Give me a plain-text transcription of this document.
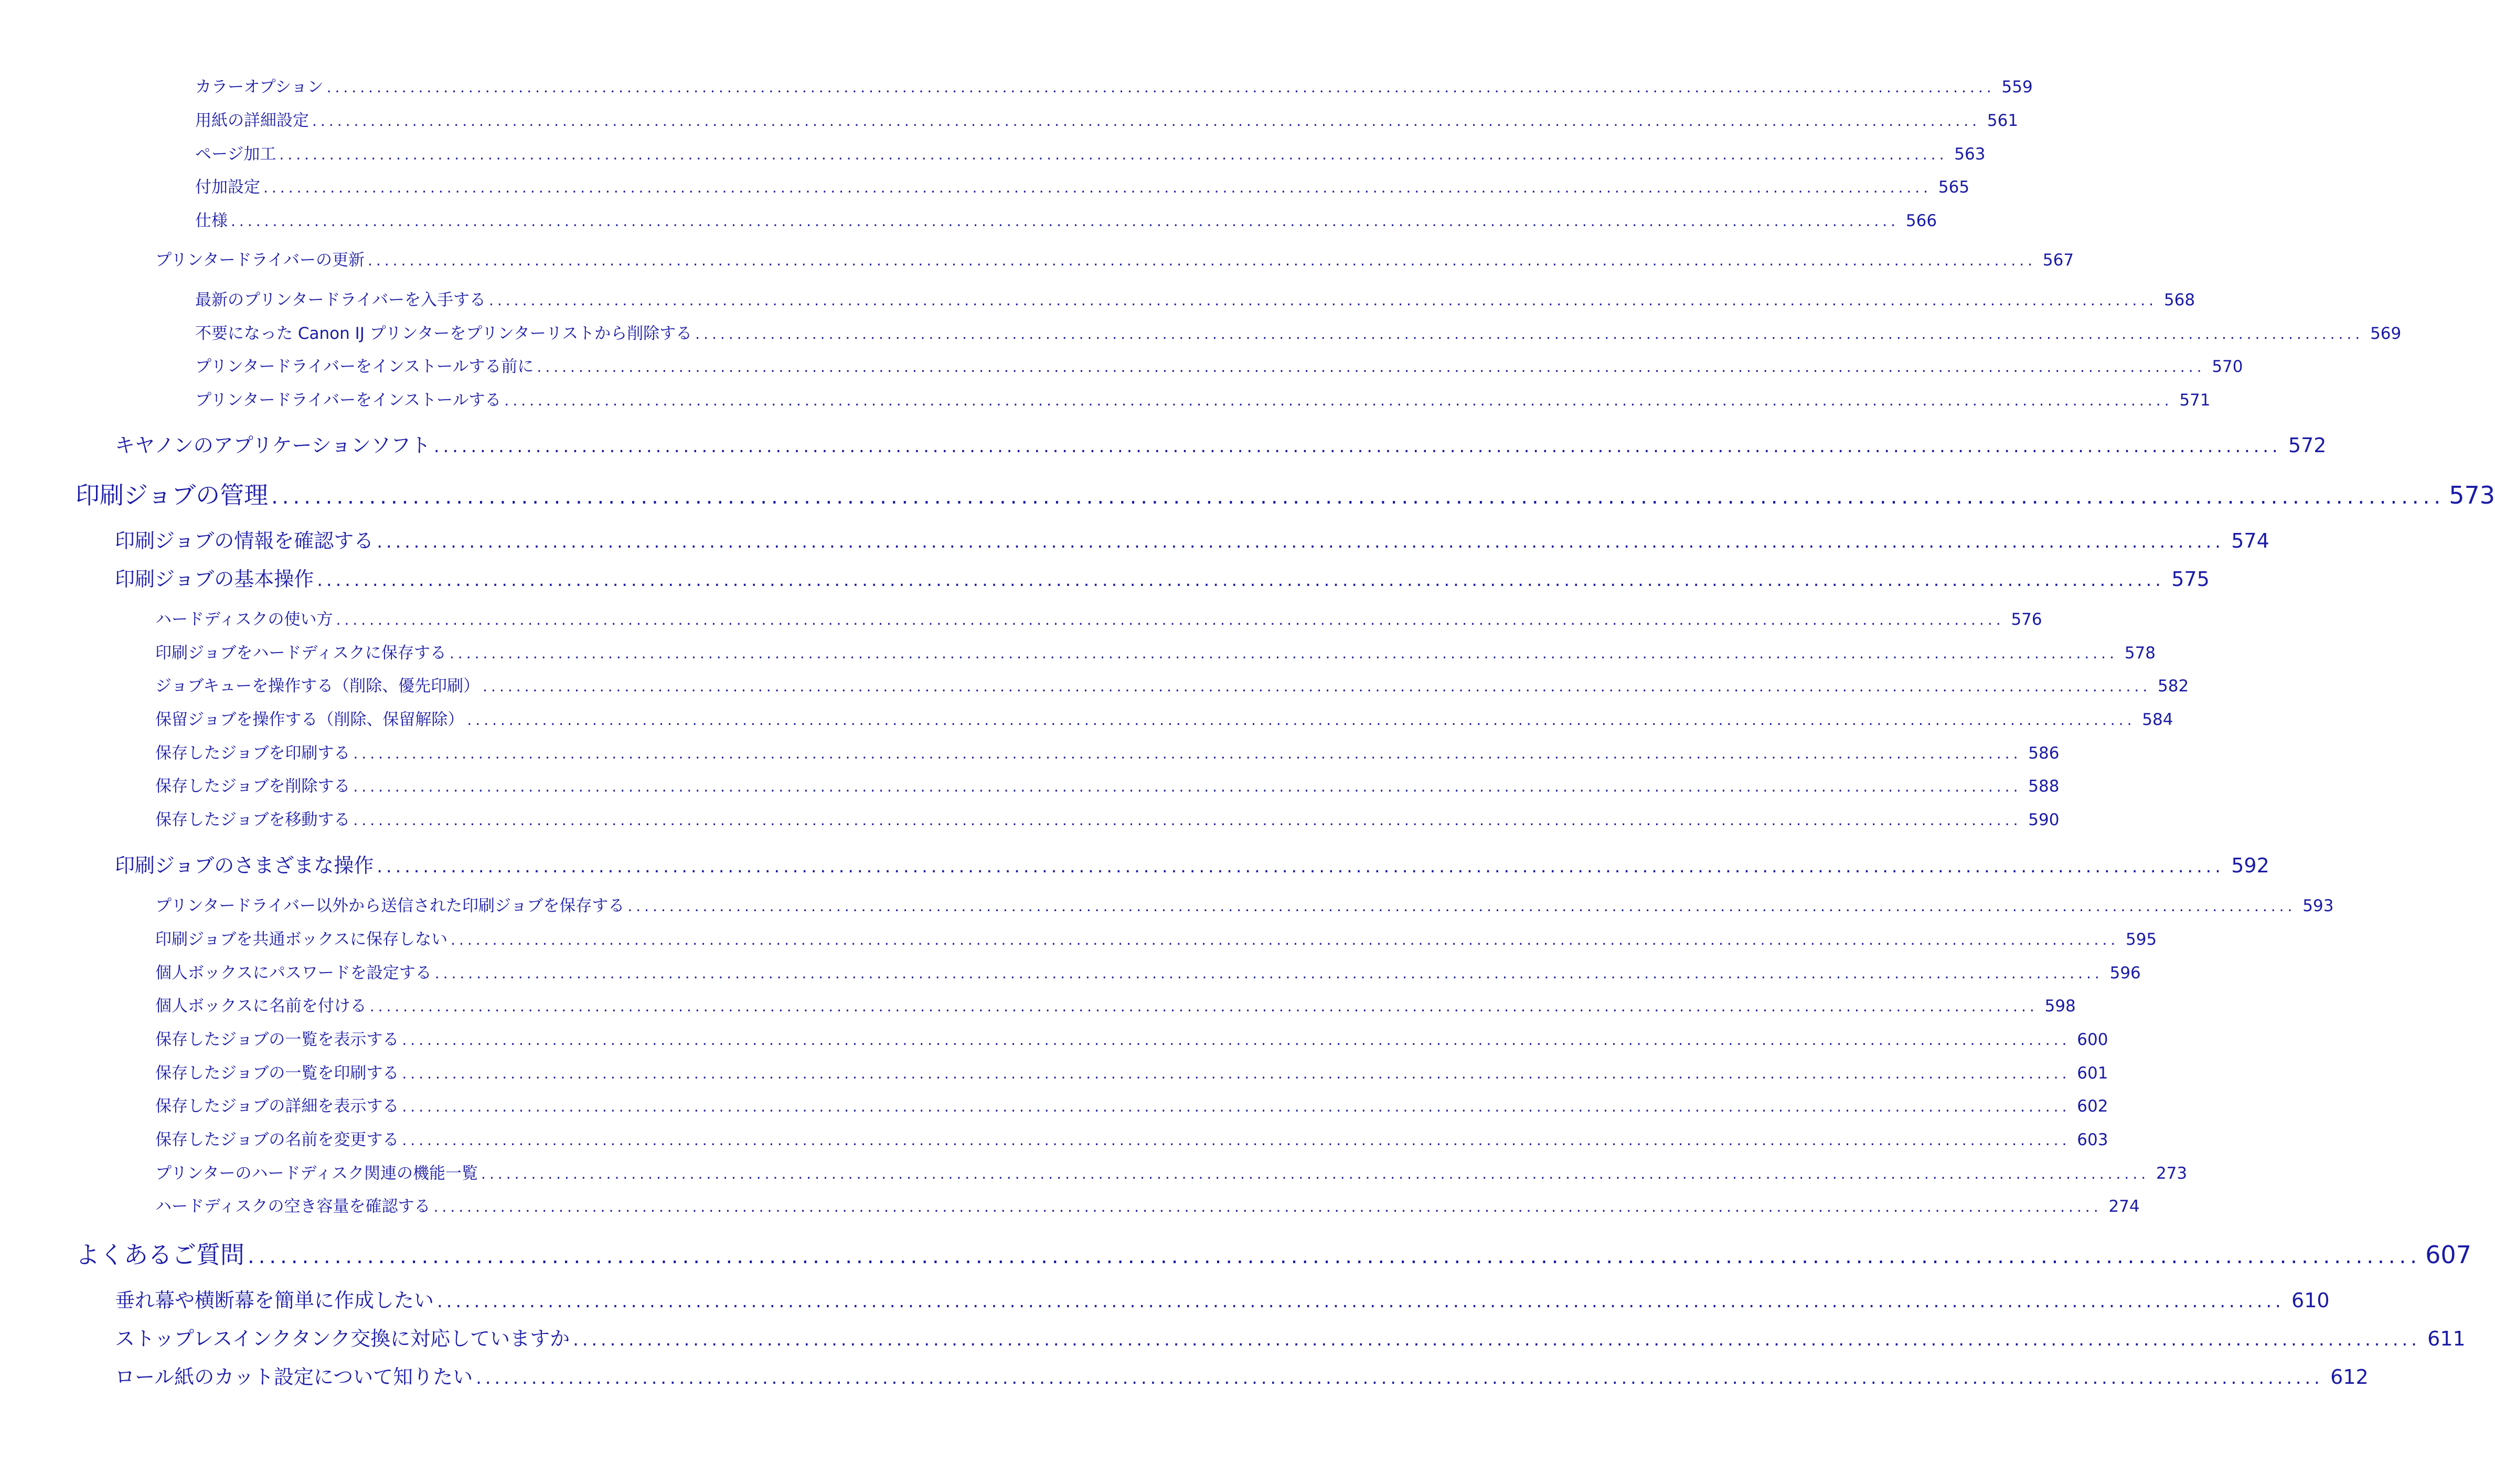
カラーオプション ........................................................................................................................................................................................................ 559
用紙の詳細設定 ........................................................................................................................................................................................................ 561
ページ加工 ........................................................................................................................................................................................................ 563
付加設定 ........................................................................................................................................................................................................ 565
仕様 ........................................................................................................................................................................................................ 566
プリンタードライバーの更新 ........................................................................................................................................................................................................ 567
最新のプリンタードライバーを入手する ........................................................................................................................................................................................................ 568
不要になった Canon IJ プリンターをプリンターリストから削除する ........................................................................................................................................................................................................ 569
プリンタードライバーをインストールする前に ........................................................................................................................................................................................................ 570
プリンタードライバーをインストールする ........................................................................................................................................................................................................ 571
キヤノンのアプリケーションソフト ........................................................................................................................................................................................................ 572
印刷ジョブの管理 ........................................................................................................................................................................................................ 573
印刷ジョブの情報を確認する ........................................................................................................................................................................................................ 574
印刷ジョブの基本操作 ........................................................................................................................................................................................................ 575
ハードディスクの使い方 ........................................................................................................................................................................................................ 576
印刷ジョブをハードディスクに保存する ........................................................................................................................................................................................................ 578
ジョブキューを操作する（削除、優先印刷） ........................................................................................................................................................................................................ 582
保留ジョブを操作する（削除、保留解除） ........................................................................................................................................................................................................ 584
保存したジョブを印刷する ........................................................................................................................................................................................................ 586
保存したジョブを削除する ........................................................................................................................................................................................................ 588
保存したジョブを移動する ........................................................................................................................................................................................................ 590
印刷ジョブのさまざまな操作 ........................................................................................................................................................................................................ 592
プリンタードライバー以外から送信された印刷ジョブを保存する ........................................................................................................................................................................................................ 593
印刷ジョブを共通ボックスに保存しない ........................................................................................................................................................................................................ 595
個人ボックスにパスワードを設定する ........................................................................................................................................................................................................ 596
個人ボックスに名前を付ける ........................................................................................................................................................................................................ 598
保存したジョブの一覧を表示する ........................................................................................................................................................................................................ 600
保存したジョブの一覧を印刷する ........................................................................................................................................................................................................ 601
保存したジョブの詳細を表示する ........................................................................................................................................................................................................ 602
保存したジョブの名前を変更する ........................................................................................................................................................................................................ 603
プリンターのハードディスク関連の機能一覧 ........................................................................................................................................................................................................ 273
ハードディスクの空き容量を確認する ........................................................................................................................................................................................................ 274
よくあるご質問 ........................................................................................................................................................................................................ 607
垂れ幕や横断幕を簡単に作成したい ........................................................................................................................................................................................................ 610
ストップレスインクタンク交換に対応していますか ........................................................................................................................................................................................................ 611
ロール紙のカット設定について知りたい ........................................................................................................................................................................................................ 612
